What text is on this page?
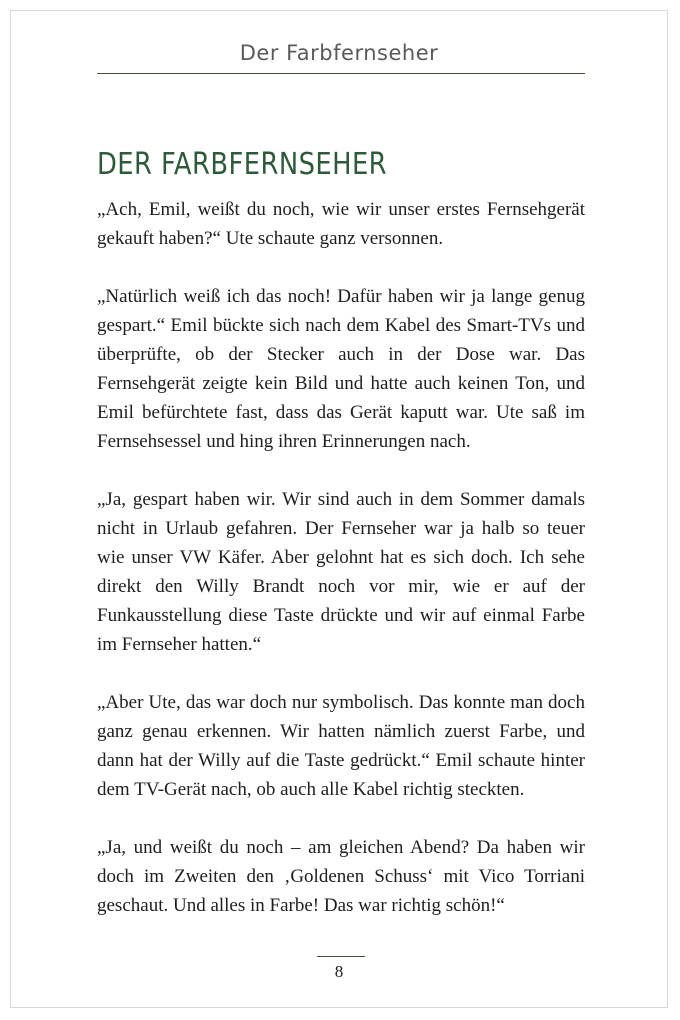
Der Farbfernseher
DER FARBFERNSEHER

„Ach, Emil, weißt du noch, wie wir unser erstes Fernsehgerät gekauft haben?“ Ute schaute ganz versonnen.

„Natürlich weiß ich das noch! Dafür haben wir ja lange genug gespart.“ Emil bückte sich nach dem Kabel des Smart-TVs und überprüfte, ob der Stecker auch in der Dose war. Das Fernsehgerät zeigte kein Bild und hatte auch keinen Ton, und Emil befürchtete fast, dass das Gerät kaputt war. Ute saß im Fernsehsessel und hing ihren Erinnerungen nach.

„Ja, gespart haben wir. Wir sind auch in dem Sommer damals nicht in Urlaub gefahren. Der Fernseher war ja halb so teuer wie unser VW Käfer. Aber gelohnt hat es sich doch. Ich sehe direkt den Willy Brandt noch vor mir, wie er auf der Funkausstellung diese Taste drückte und wir auf einmal Farbe im Fernseher hatten.“

„Aber Ute, das war doch nur symbolisch. Das konnte man doch ganz genau erkennen. Wir hatten nämlich zuerst Farbe, und dann hat der Willy auf die Taste gedrückt.“ Emil schaute hinter dem TV-Gerät nach, ob auch alle Kabel richtig steckten.

„Ja, und weißt du noch – am gleichen Abend? Da haben wir doch im Zweiten den ‚Goldenen Schuss‘ mit Vico Torriani geschaut. Und alles in Farbe! Das war richtig schön!“

8
